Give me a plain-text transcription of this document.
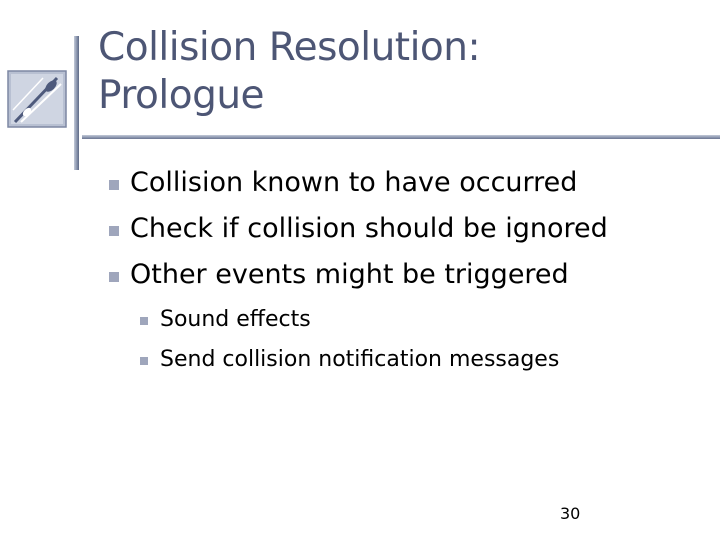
Collision Resolution:
Prologue
Collision known to have occurred
Check if collision should be ignored
Other events might be triggered
Sound effects
Send collision notification messages
30
